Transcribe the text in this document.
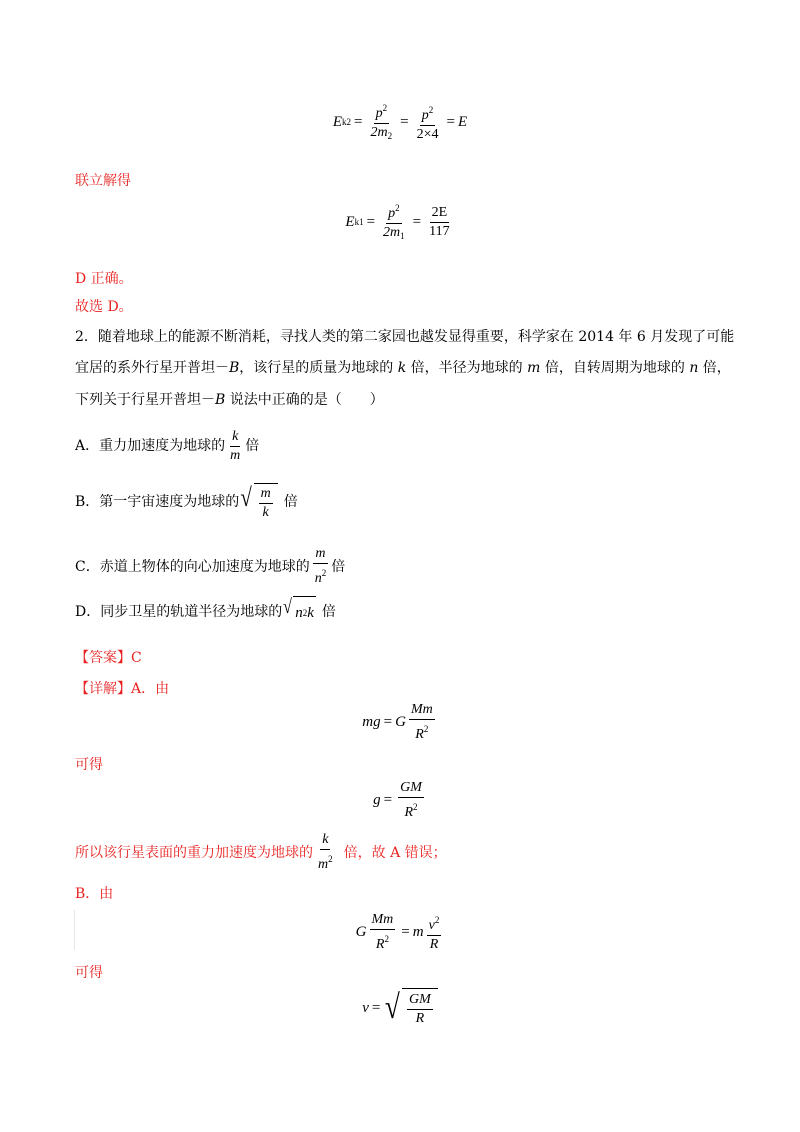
E $k2 = \frac{p^2}{2m_2} = \frac{p^2}{2\times 4} = E$
联立解得
E $k1 = \frac{p^2}{2m_1} = \frac{2E}{117}$
D 正确。
故选 D。
2．随着地球上的能源不断消耗，寻找人类的第二家园也越发显得重要，科学家在 2014 年 6 月发现了可能
宜居的系外行星开普坦－B，该行星的质量为地球的 k 倍，半径为地球的 m 倍，自转周期为地球的 n 倍，
下列关于行星开普坦－B 说法中正确的是（　　）
A．重力加速度为地球的 $\frac{k}{m}$ 倍
B．第一宇宙速度为地球的 √ $\frac{m}{k}$ 倍
C．赤道上物体的向心加速度为地球的 $\frac{m}{n^2}$ 倍
D．同步卫星的轨道半径为地球的 √ n 2 k 倍
【答案】C
【详解】A．由
mg = G $\frac{Mm}{R^2}$
可得
$g = \frac{GM}{R^2}$
所以该行星表面的重力加速度为地球的 $\frac{k}{m^2}$ 倍，故 A 错误；
B．由
G $\frac{Mm}{R^2} = m \frac{v^2}{R}$
可得
v = √ $\frac{GM}{R}$
